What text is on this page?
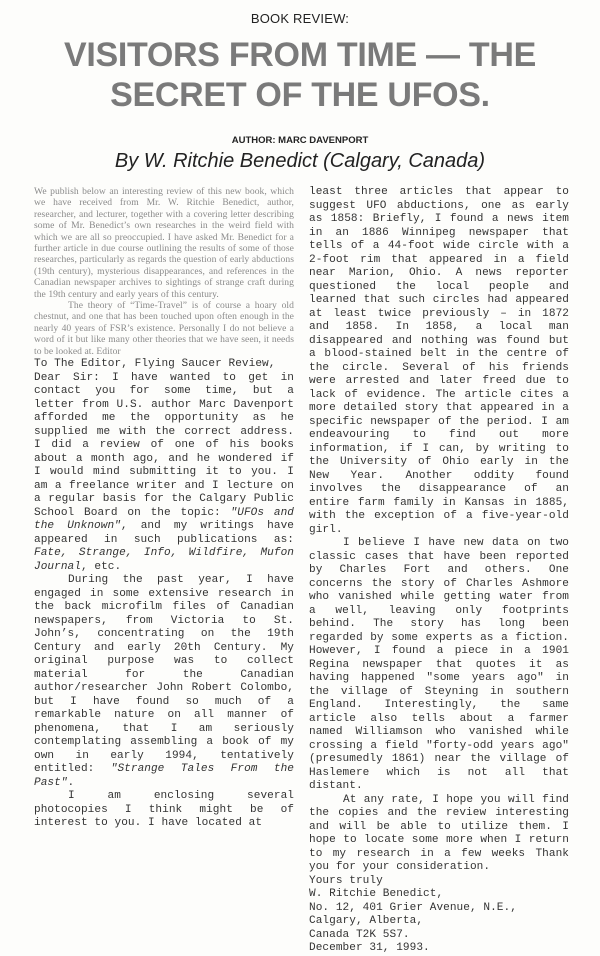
BOOK REVIEW:
VISITORS FROM TIME — THE
SECRET OF THE UFOS.
AUTHOR: MARC DAVENPORT
By W. Ritchie Benedict (Calgary, Canada)

We publish below an interesting review of this new book, which we have received from Mr. W. Ritchie Benedict, author, researcher, and lecturer, together with a covering letter describing some of Mr. Benedict’s own researches in the weird field with which we are all so preoccupied. I have asked Mr. Benedict for a further article in due course outlining the results of some of those researches, particularly as regards the question of early abductions (19th century), mysterious disappearances, and references in the Canadian newspaper archives to sightings of strange craft during the 19th century and early years of this century.

The theory of “Time-Travel” is of course a hoary old chestnut, and one that has been touched upon often enough in the nearly 40 years of FSR’s existence. Personally I do not believe a word of it but like many other theories that we have seen, it needs to be looked at. Editor

To The Editor, Flying Saucer Review,

Dear Sir: I have wanted to get in contact you for some time, but a letter from U.S. author Marc Davenport afforded me the opportunity as he supplied me with the correct address. I did a review of one of his books about a month ago, and he wondered if I would mind submitting it to you. I am a freelance writer and I lecture on a regular basis for the Calgary Public School Board on the topic: "UFOs and the Unknown", and my writings have appeared in such publications as: Fate, Strange, Info, Wildfire, Mufon Journal, etc.

During the past year, I have engaged in some extensive research in the back microfilm files of Canadian newspapers, from Victoria to St. John’s, concentrating on the 19th Century and early 20th Century. My original purpose was to collect material for the Canadian author/researcher John Robert Colombo, but I have found so much of a remarkable nature on all manner of phenomena, that I am seriously contemplating assembling a book of my own in early 1994, tentatively entitled: "Strange Tales From the Past".

I am enclosing several photocopies I think might be of interest to you. I have located at

least three articles that appear to suggest UFO abductions, one as early as 1858: Briefly, I found a news item in an 1886 Winnipeg newspaper that tells of a 44-foot wide circle with a 2-foot rim that appeared in a field near Marion, Ohio. A news reporter questioned the local people and learned that such circles had appeared at least twice previously – in 1872 and 1858. In 1858, a local man disappeared and nothing was found but a blood-stained belt in the centre of the circle. Several of his friends were arrested and later freed due to lack of evidence. The article cites a more detailed story that appeared in a specific newspaper of the period. I am endeavouring to find out more information, if I can, by writing to the University of Ohio early in the New Year. Another oddity found involves the disappearance of an entire farm family in Kansas in 1885, with the exception of a five-year-old girl.

I believe I have new data on two classic cases that have been reported by Charles Fort and others. One concerns the story of Charles Ashmore who vanished while getting water from a well, leaving only footprints behind. The story has long been regarded by some experts as a fiction. However, I found a piece in a 1901 Regina newspaper that quotes it as having happened "some years ago" in the village of Steyning in southern England. Interestingly, the same article also tells about a farmer named Williamson who vanished while crossing a field "forty-odd years ago" (presumedly 1861) near the village of Haslemere which is not all that distant.

At any rate, I hope you will find the copies and the review interesting and will be able to utilize them. I hope to locate some more when I return to my research in a few weeks Thank you for your consideration.

Yours truly

W. Ritchie Benedict,

No. 12, 401 Grier Avenue, N.E.,

Calgary, Alberta,

Canada T2K 5S7.

December 31, 1993.
